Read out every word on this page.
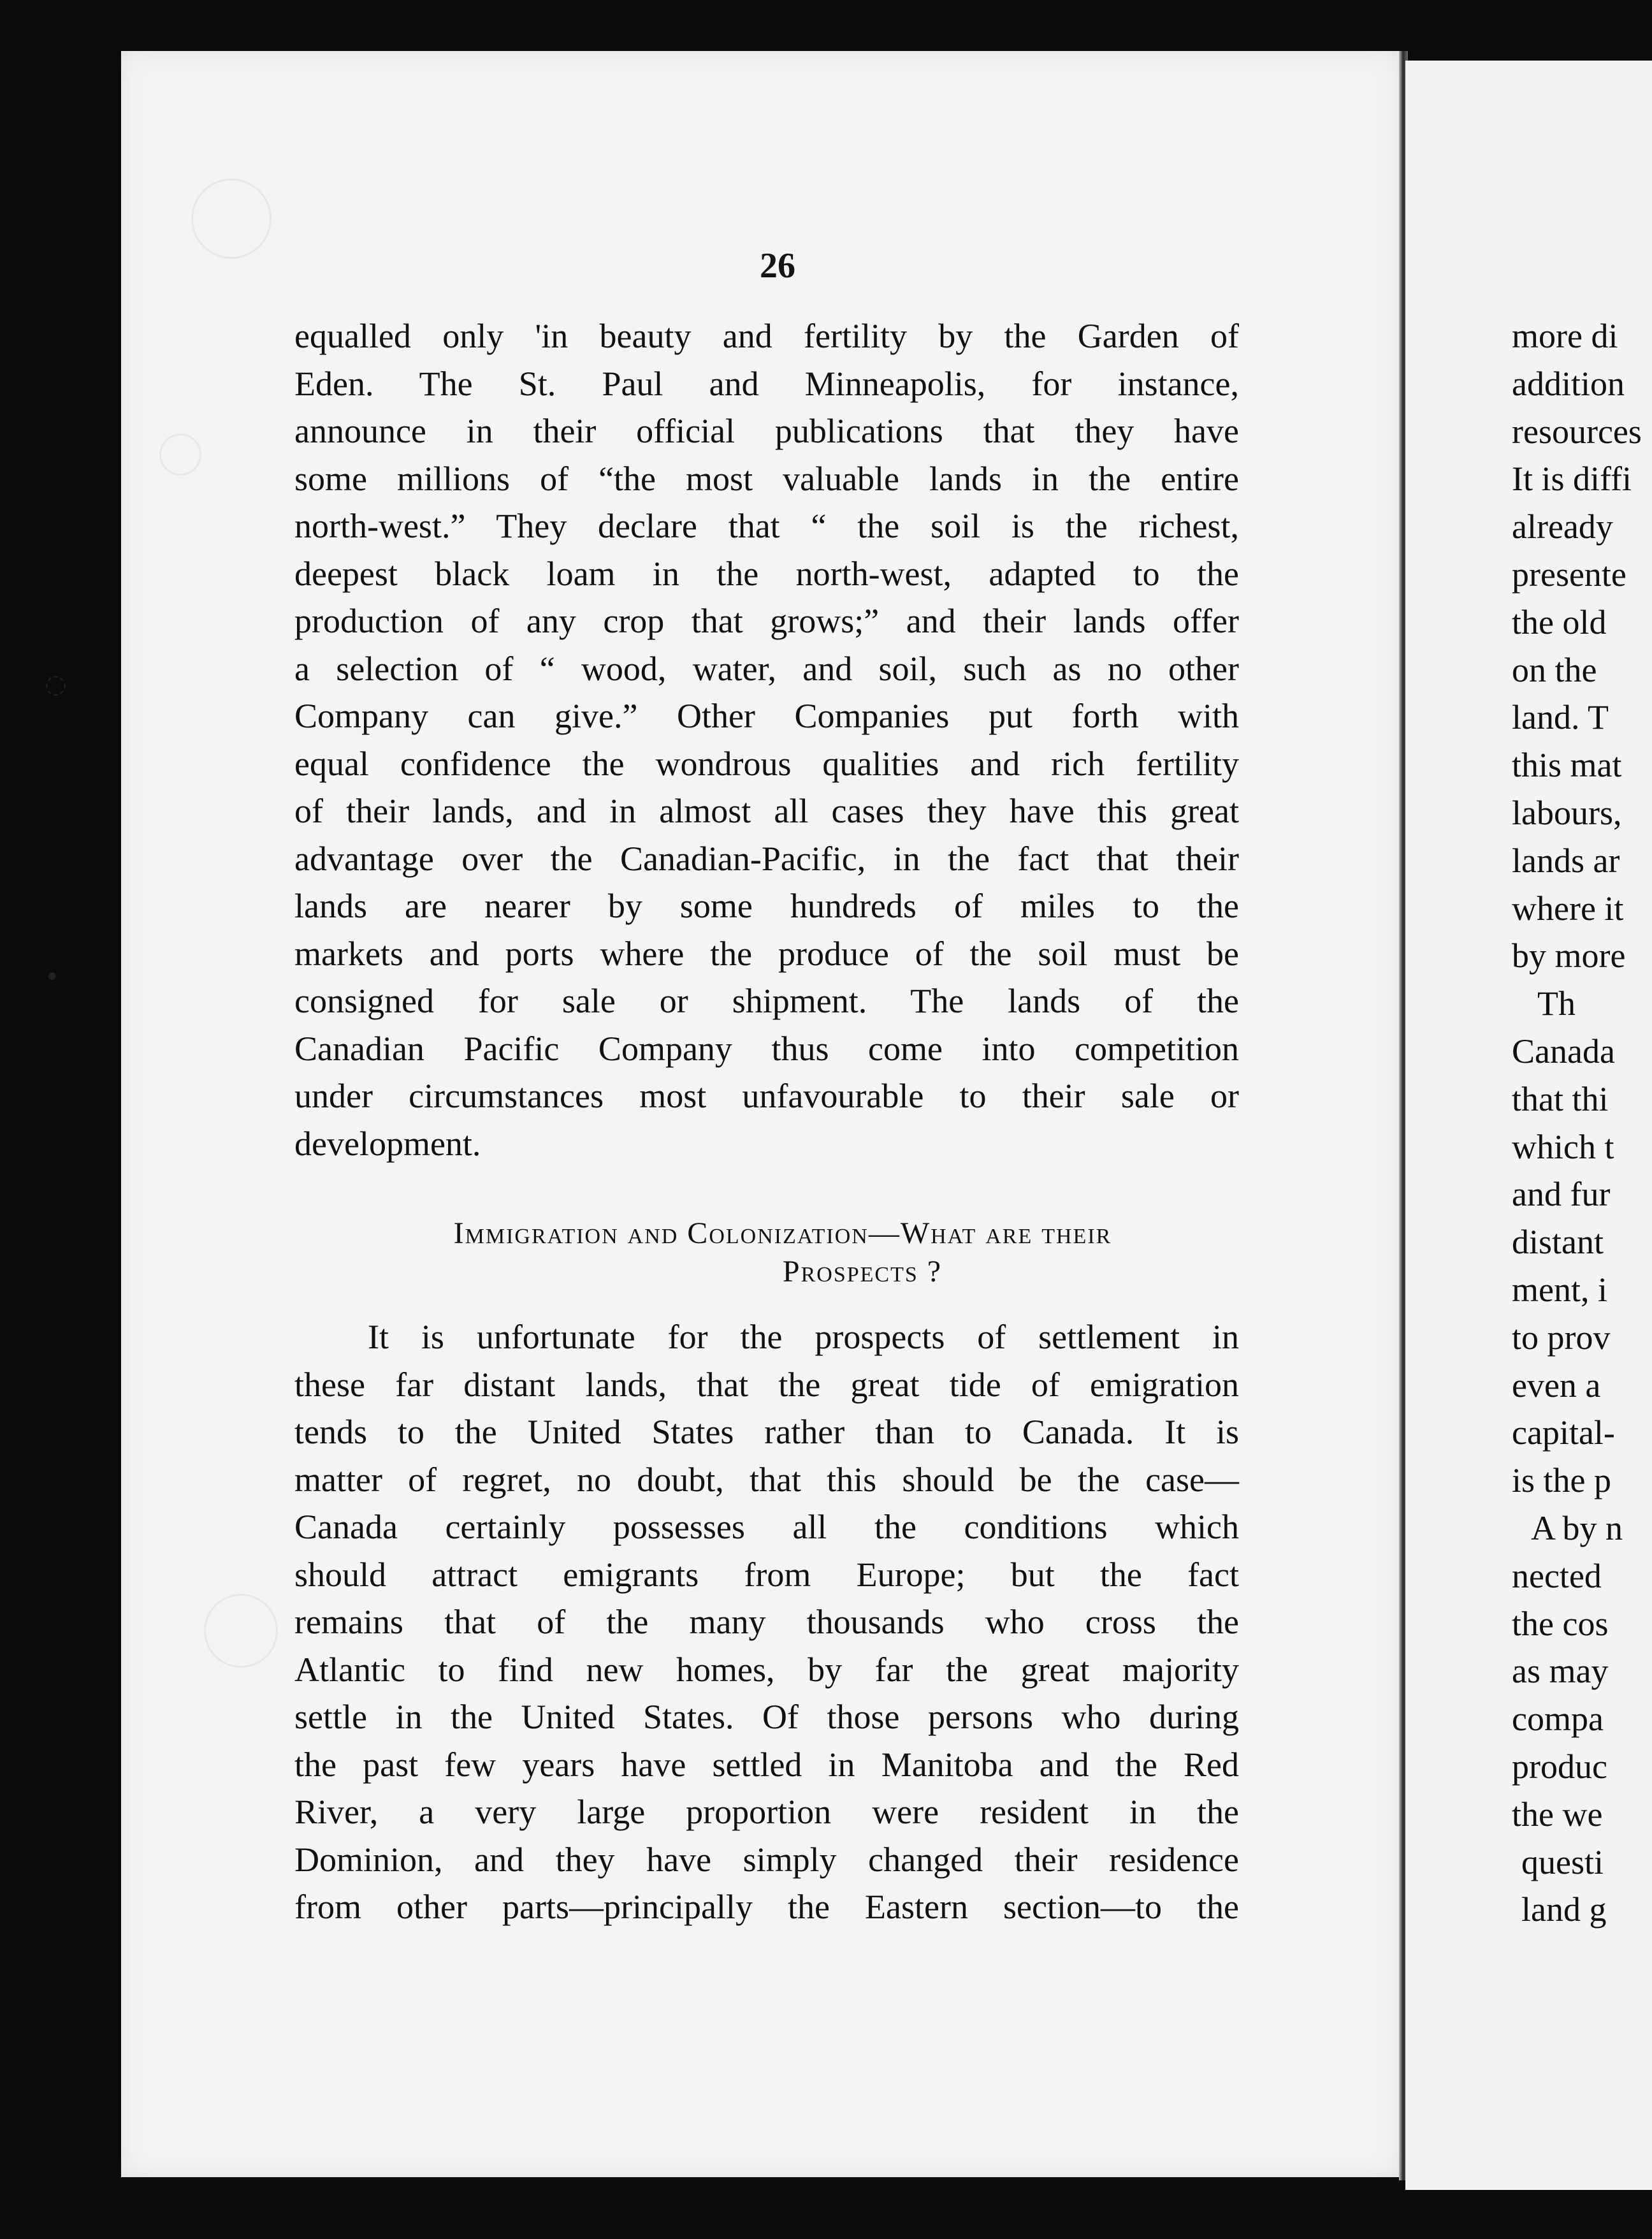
◌
•
26
equalled only 'in beauty and fertility by the Garden of
Eden. The St. Paul and Minneapolis, for instance,
announce in their official publications that they have
some millions of “the most valuable lands in the entire
north-west.” They declare that “ the soil is the richest,
deepest black loam in the north-west, adapted to the
production of any crop that grows;” and their lands offer
a selection of “ wood, water, and soil, such as no other
Company can give.” Other Companies put forth with
equal confidence the wondrous qualities and rich fertility
of their lands, and in almost all cases they have this great
advantage over the Canadian-Pacific, in the fact that their
lands are nearer by some hundreds of miles to the
markets and ports where the produce of the soil must be
consigned for sale or shipment. The lands of the
Canadian Pacific Company thus come into competition
under circumstances most unfavourable to their sale or
development.
Immigration and Colonization—What are their
Prospects ?
It is unfortunate for the prospects of settlement in
these far distant lands, that the great tide of emigration
tends to the United States rather than to Canada. It is
matter of regret, no doubt, that this should be the case—
Canada certainly possesses all the conditions which
should attract emigrants from Europe; but the fact
remains that of the many thousands who cross the
Atlantic to find new homes, by far the great majority
settle in the United States. Of those persons who during
the past few years have settled in Manitoba and the Red
River, a very large proportion were resident in the
Dominion, and they have simply changed their residence
from other parts—principally the Eastern section—to the
more di
addition
resources
It is diffi
already
presente
the old
on the
land. T
this mat
labours,
lands ar
where it
by more
Th
Canada
that thi
which t
and fur
distant
ment, i
to prov
even a
capital-
is the p
A by n
nected
the cos
as may
compa
produc
the we
questi
land g
